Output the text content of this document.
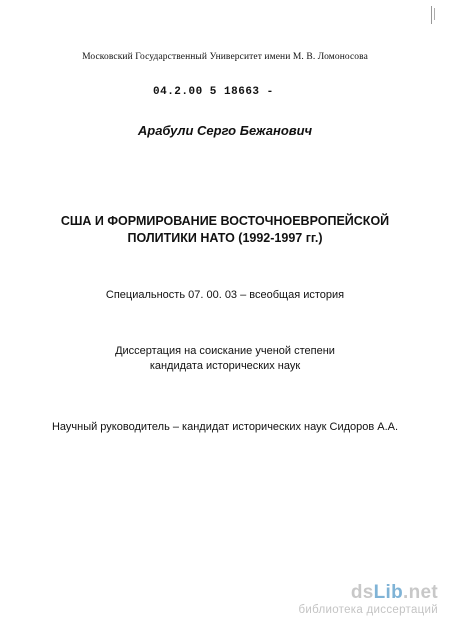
Московский Государственный Университет имени М. В. Ломоносова
04.2.00 5 18663 -
Арабули Серго Бежанович
США И ФОРМИРОВАНИЕ ВОСТОЧНОЕВРОПЕЙСКОЙ
ПОЛИТИКИ НАТО (1992-1997 гг.)
Специальность 07. 00. 03 – всеобщая история
Диссертация на соискание ученой степени
кандидата исторических наук
Научный руководитель – кандидат исторических наук Сидоров А.А.
dsLib.net
библиотека диссертаций
